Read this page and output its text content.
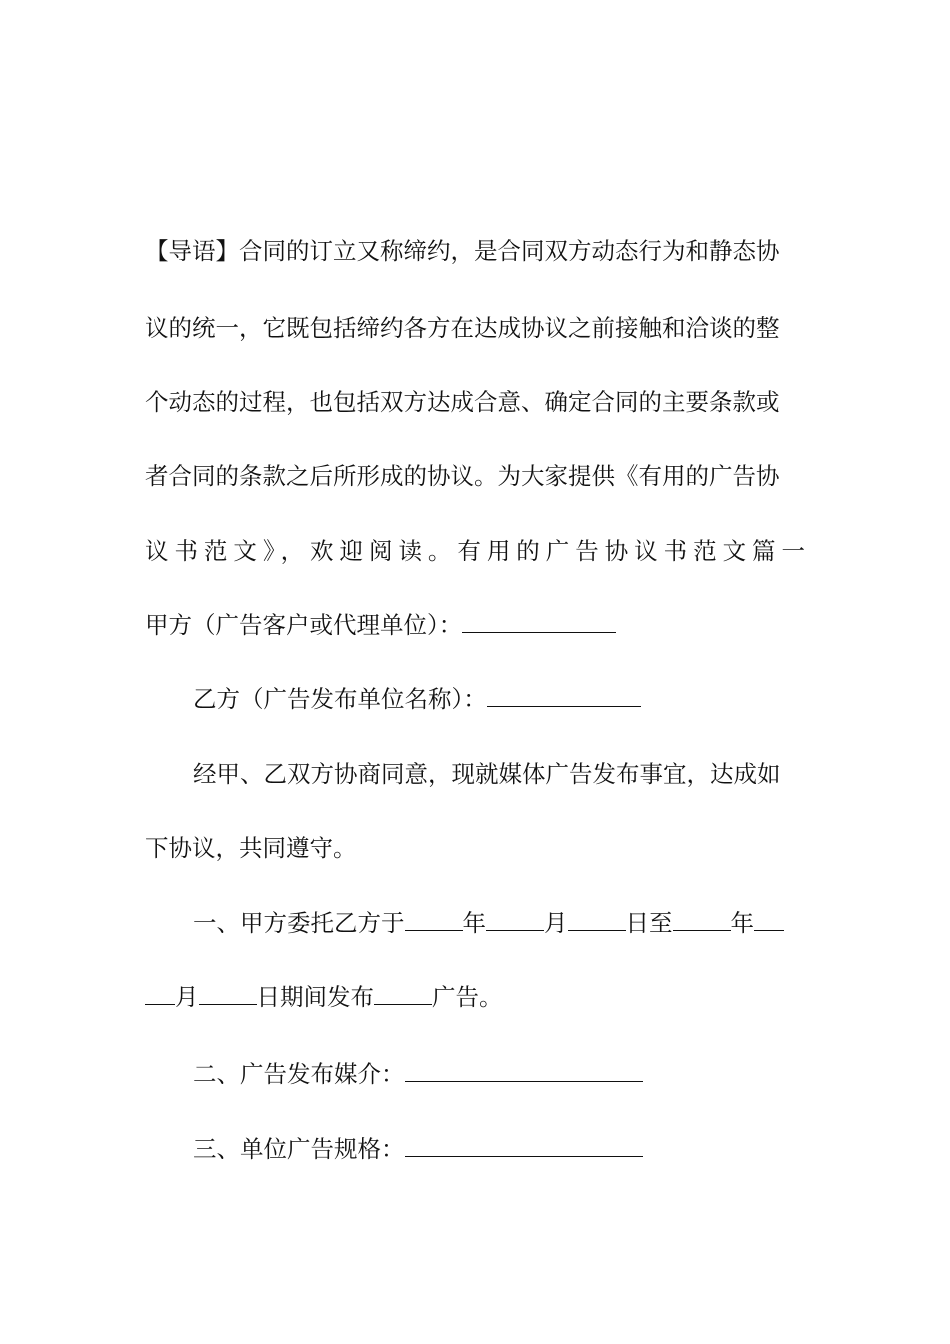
【导语】合同的订立又称缔约，是合同双方动态行为和静态协
议的统一，它既包括缔约各方在达成协议之前接触和洽谈的整
个动态的过程，也包括双方达成合意、确定合同的主要条款或
者合同的条款之后所形成的协议。为大家提供《有用的广告协
议书范文》，欢迎阅读。有用的广告协议书范文篇一
甲方（广告客户或代理单位）：
乙方（广告发布单位名称）：
经甲、乙双方协商同意，现就媒体广告发布事宜，达成如
下协议，共同遵守。
一、甲方委托乙方于 年 月 日至 年
月 日期间发布 广告。
二、广告发布媒介：
三、单位广告规格：
